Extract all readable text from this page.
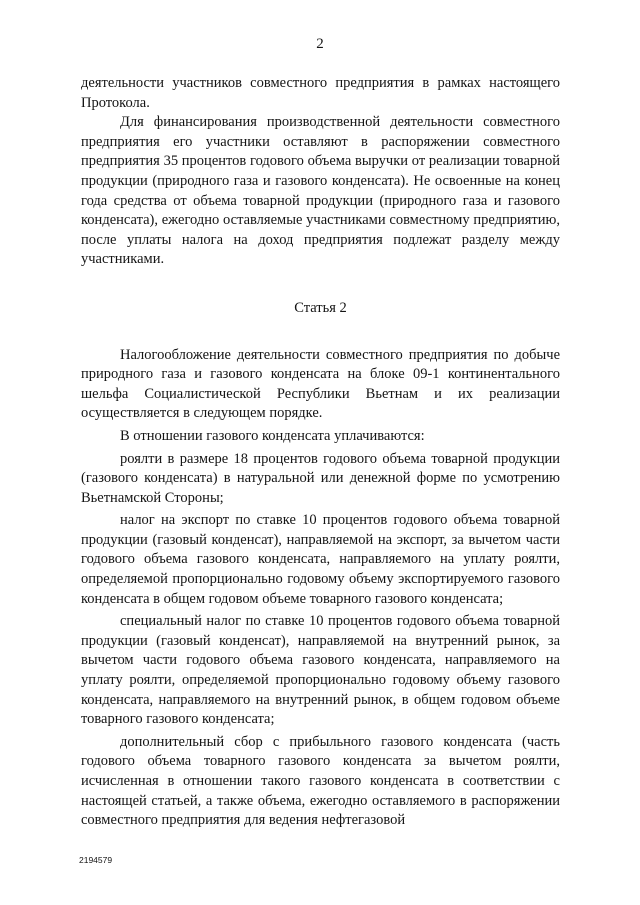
2

деятельности участников совместного предприятия в рамках настоящего Протокола.

Для финансирования производственной деятельности совместного предприятия его участники оставляют в распоряжении совместного предприятия 35 процентов годового объема выручки от реализации товарной продукции (природного газа и газового конденсата). Не освоенные на конец года средства от объема товарной продукции (природного газа и газового конденсата), ежегодно оставляемые участниками совместному предприятию, после уплаты налога на доход предприятия подлежат разделу между участниками.

Статья 2

Налогообложение деятельности совместного предприятия по добыче природного газа и газового конденсата на блоке 09-1 континентального шельфа Социалистической Республики Вьетнам и их реализации осуществляется в следующем порядке.

В отношении газового конденсата уплачиваются:

роялти в размере 18 процентов годового объема товарной продукции (газового конденсата) в натуральной или денежной форме по усмотрению Вьетнамской Стороны;

налог на экспорт по ставке 10 процентов годового объема товарной продукции (газовый конденсат), направляемой на экспорт, за вычетом части годового объема газового конденсата, направляемого на уплату роялти, определяемой пропорционально годовому объему экспортируемого газового конденсата в общем годовом объеме товарного газового конденсата;

специальный налог по ставке 10 процентов годового объема товарной продукции (газовый конденсат), направляемой на внутренний рынок, за вычетом части годового объема газового конденсата, направляемого на уплату роялти, определяемой пропорционально годовому объему газового конденсата, направляемого на внутренний рынок, в общем годовом объеме товарного газового конденсата;

дополнительный сбор с прибыльного газового конденсата (часть годового объема товарного газового конденсата за вычетом роялти, исчисленная в отношении такого газового конденсата в соответствии с настоящей статьей, а также объема, ежегодно оставляемого в распоряжении совместного предприятия для ведения нефтегазовой

2194579
